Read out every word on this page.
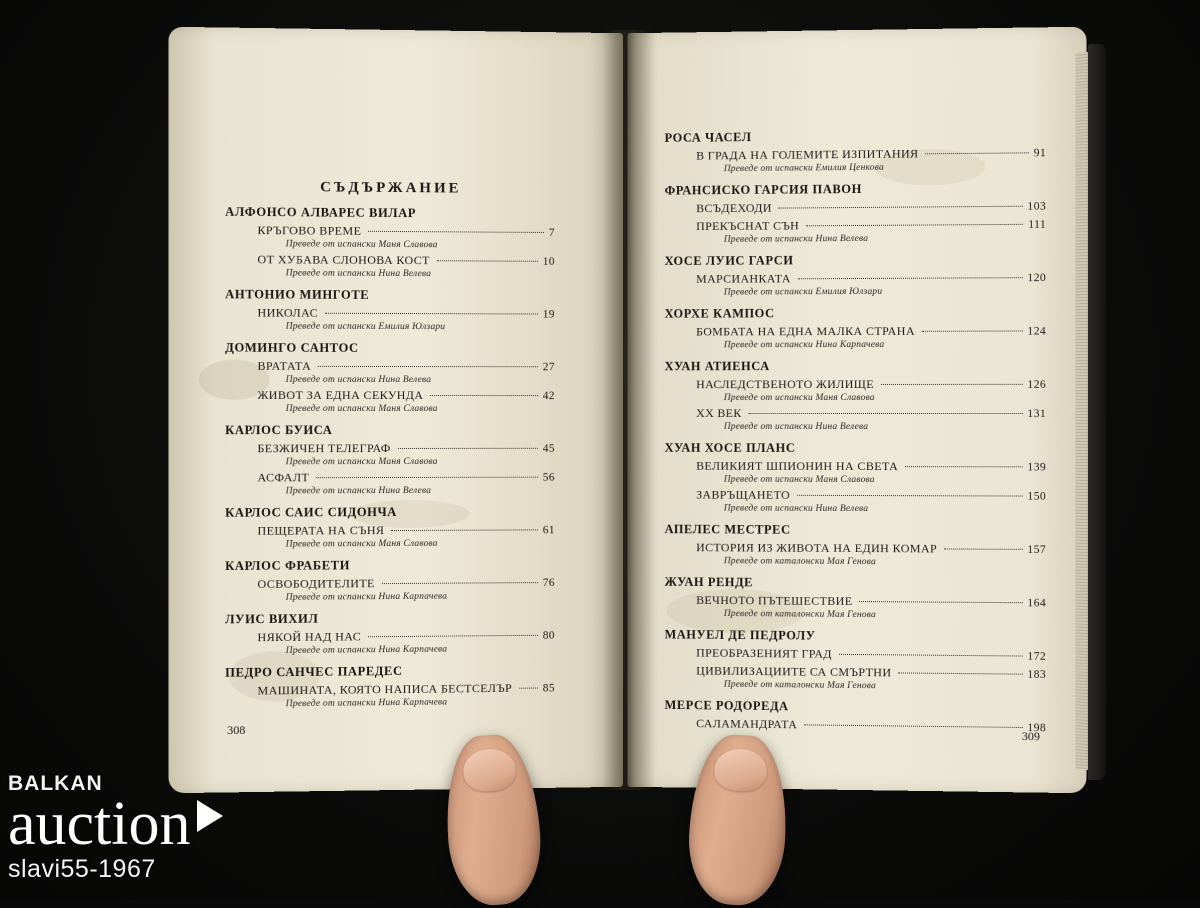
СЪДЪРЖАНИЕ
АЛФОНСО АЛВАРЕС ВИЛАР
КРЪГОВО ВРЕМЕ	7
Преведе от испански Маня Славова
ОТ ХУБАВА СЛОНОВА КОСТ	10
Преведе от испански Нина Велева
АНТОНИО МИНГОТЕ
НИКОЛАС	19
Преведе от испански Емилия Юлзари
ДОМИНГО САНТОС
ВРАТАТА	27
Преведе от испански Нина Велева
ЖИВОТ ЗА ЕДНА СЕКУНДА	42
Преведе от испански Маня Славова
КАРЛОС БУИСА
БЕЗЖИЧЕН ТЕЛЕГРАФ	45
Преведе от испански Маня Славова
АСФАЛТ	56
Преведе от испански Нина Велева
КАРЛОС САИС СИДОНЧА
ПЕЩЕРАТА НА СЪНЯ	61
Преведе от испански Маня Славова
КАРЛОС ФРАБЕТИ
ОСВОБОДИТЕЛИТЕ	76
Преведе от испански Нина Карпачева
ЛУИС ВИХИЛ
НЯКОЙ НАД НАС	80
Преведе от испански Нина Карпачева
ПЕДРО САНЧЕС ПАРЕДЕС
МАШИНАТА, КОЯТО НАПИСА БЕСТСЕЛЪР	85
Преведе от испански Нина Карпачева
308
РОСА ЧАСЕЛ
В ГРАДА НА ГОЛЕМИТЕ ИЗПИТАНИЯ	91
Преведе от испански Емилия Ценкова
ФРАНСИСКО ГАРСИЯ ПАВОН
ВСЪДЕХОДИ	103
ПРЕКЪСНАТ СЪН	111
Преведе от испански Нина Велева
ХОСЕ ЛУИС ГАРСИ
МАРСИАНКАТА	120
Преведе от испански Емилия Юлзари
ХОРХЕ КАМПОС
БОМБАТА НА ЕДНА МАЛКА СТРАНА	124
Преведе от испански Нина Карпачева
ХУАН АТИЕНСА
НАСЛЕДСТВЕНОТО ЖИЛИЩЕ	126
Преведе от испански Маня Славова
XX ВЕК	131
Преведе от испански Нина Велева
ХУАН ХОСЕ ПЛАНС
ВЕЛИКИЯТ ШПИОНИН НА СВЕТА	139
Преведе от испански Маня Славова
ЗАВРЪЩАНЕТО	150
Преведе от испански Нина Велева
АПЕЛЕС МЕСТРЕС
ИСТОРИЯ ИЗ ЖИВОТА НА ЕДИН КОМАР	157
Преведе от каталонски Мая Генова
ЖУАН РЕНДЕ
ВЕЧНОТО ПЪТЕШЕСТВИЕ	164
Преведе от каталонски Мая Генова
МАНУЕЛ ДЕ ПЕДРОЛУ
ПРЕОБРАЗЕНИЯТ ГРАД	172
ЦИВИЛИЗАЦИИТЕ СА СМЪРТНИ	183
Преведе от каталонски Мая Генова
МЕРСЕ РОДОРЕДА
САЛАМАНДРАТА	198
309
BALKAN
auction
slavi55-1967
